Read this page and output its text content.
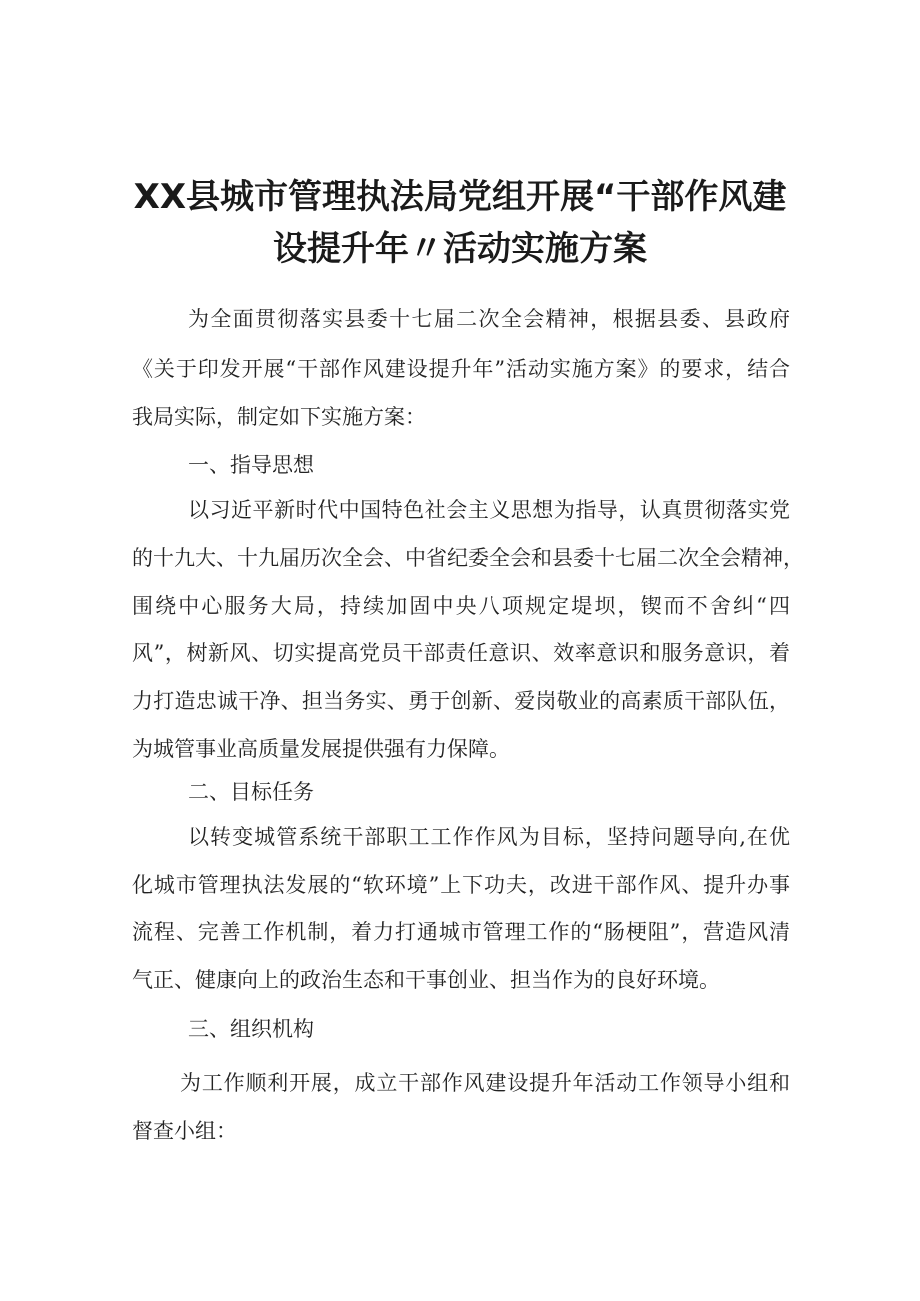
XX县城市管理执法局党组开展“干部作风建
设提升年〃活动实施方案

为全面贯彻落实县委十七届二次全会精神，根据县委、县政府

《关于印发开展“干部作风建设提升年”活动实施方案》的要求，结合

我局实际，制定如下实施方案：

一、指导思想

以习近平新时代中国特色社会主义思想为指导，认真贯彻落实党

的十九大、十九届历次全会、中省纪委全会和县委十七届二次全会精神，

围绕中心服务大局，持续加固中央八项规定堤坝，锲而不舍纠“四

风”，树新风、切实提高党员干部责任意识、效率意识和服务意识，着

力打造忠诚干净、担当务实、勇于创新、爱岗敬业的高素质干部队伍，

为城管事业高质量发展提供强有力保障。

二、目标任务

以转变城管系统干部职工工作作风为目标，坚持问题导向,在优

化城市管理执法发展的“软环境”上下功夫，改进干部作风、提升办事

流程、完善工作机制，着力打通城市管理工作的“肠梗阻”，营造风清

气正、健康向上的政治生态和干事创业、担当作为的良好环境。

三、组织机构

为工作顺利开展，成立干部作风建设提升年活动工作领导小组和

督查小组：
